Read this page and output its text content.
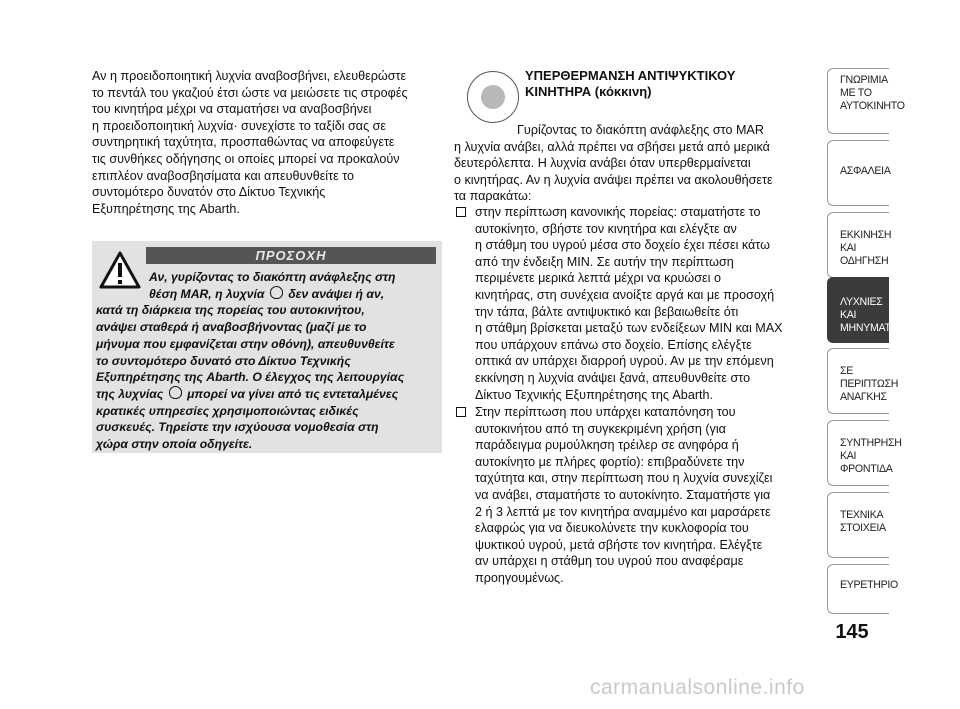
Αν η προειδοποιητική λυχνία αναβοσβήνει, ελευθερώστε
το πεντάλ του γκαζιού έτσι ώστε να μειώσετε τις στροφές
του κινητήρα μέχρι να σταματήσει να αναβοσβήνει
η προειδοποιητική λυχνία· συνεχίστε το ταξίδι σας σε
συντηρητική ταχύτητα, προσπαθώντας να αποφεύγετε
τις συνθήκες οδήγησης οι οποίες μπορεί να προκαλούν
επιπλέον αναβοσβησίματα και απευθυνθείτε το
συντομότερο δυνατόν στο Δίκτυο Τεχνικής
Εξυπηρέτησης της Abarth.

ΠΡΟΣΟΧΗ
Αν, γυρίζοντας το διακόπτη ανάφλεξης στη
θέση MAR, η λυχνία δεν ανάψει ή αν,
κατά τη διάρκεια της πορείας του αυτοκινήτου,
ανάψει σταθερά ή αναβοσβήνοντας (μαζί με το
μήνυμα που εμφανίζεται στην οθόνη), απευθυνθείτε
το συντομότερο δυνατό στο Δίκτυο Τεχνικής
Εξυπηρέτησης της Abarth. Ο έλεγχος της λειτουργίας
της λυχνίας μπορεί να γίνει από τις εντεταλμένες
κρατικές υπηρεσίες χρησιμοποιώντας ειδικές
συσκευές. Τηρείστε την ισχύουσα νομοθεσία στη
χώρα στην οποία οδηγείτε.

ΥΠΕΡΘΕΡΜΑΝΣΗ ΑΝΤΙΨΥΚΤΙΚΟΥ
ΚΙΝΗΤΗΡΑ (κόκκινη)

Γυρίζοντας το διακόπτη ανάφλεξης στο MAR
η λυχνία ανάβει, αλλά πρέπει να σβήσει μετά από μερικά
δευτερόλεπτα. Η λυχνία ανάβει όταν υπερθερμαίνεται
ο κινητήρας. Αν η λυχνία ανάψει πρέπει να ακολουθήσετε
τα παρακάτω:

στην περίπτωση κανονικής πορείας: σταματήστε το
αυτοκίνητο, σβήστε τον κινητήρα και ελέγξτε αν
η στάθμη του υγρού μέσα στο δοχείο έχει πέσει κάτω
από την ένδειξη MIN. Σε αυτήν την περίπτωση
περιμένετε μερικά λεπτά μέχρι να κρυώσει ο
κινητήρας, στη συνέχεια ανοίξτε αργά και με προσοχή
την τάπα, βάλτε αντιψυκτικό και βεβαιωθείτε ότι
η στάθμη βρίσκεται μεταξύ των ενδείξεων MIN και MAX
που υπάρχουν επάνω στο δοχείο. Επίσης ελέγξτε
οπτικά αν υπάρχει διαρροή υγρού. Αν με την επόμενη
εκκίνηση η λυχνία ανάψει ξανά, απευθυνθείτε στο
Δίκτυο Τεχνικής Εξυπηρέτησης της Abarth.

Στην περίπτωση που υπάρχει καταπόνηση του
αυτοκινήτου από τη συγκεκριμένη χρήση (για
παράδειγμα ρυμούλκηση τρέιλερ σε ανηφόρα ή
αυτοκίνητο με πλήρες φορτίο): επιβραδύνετε την
ταχύτητα και, στην περίπτωση που η λυχνία συνεχίζει
να ανάβει, σταματήστε το αυτοκίνητο. Σταματήστε για
2 ή 3 λεπτά με τον κινητήρα αναμμένο και μαρσάρετε
ελαφρώς για να διευκολύνετε την κυκλοφορία του
ψυκτικού υγρού, μετά σβήστε τον κινητήρα. Ελέγξτε
αν υπάρχει η στάθμη του υγρού που αναφέραμε
προηγουμένως.

ΓΝΩΡΙΜΙΑ
ΜΕ ΤΟ
ΑΥΤΟΚΙΝΗΤΟ
ΑΣΦΑΛΕΙΑ
ΕΚΚΙΝΗΣΗ ΚΑΙ
ΟΔΗΓΗΣΗ
ΛΥΧΝΙΕΣ ΚΑΙ
ΜΗΝΥΜΑΤΑ
ΣΕ ΠΕΡΙΠΤΩΣΗ
ΑΝΑΓΚΗΣ
ΣΥΝΤΗΡΗΣΗ
ΚΑΙ ΦΡΟΝΤΙΔΑ
ΤΕΧΝΙΚΑ
ΣΤΟΙΧΕΙΑ
ΕΥΡΕΤΗΡΙΟ
145
carmanualsonline.info
